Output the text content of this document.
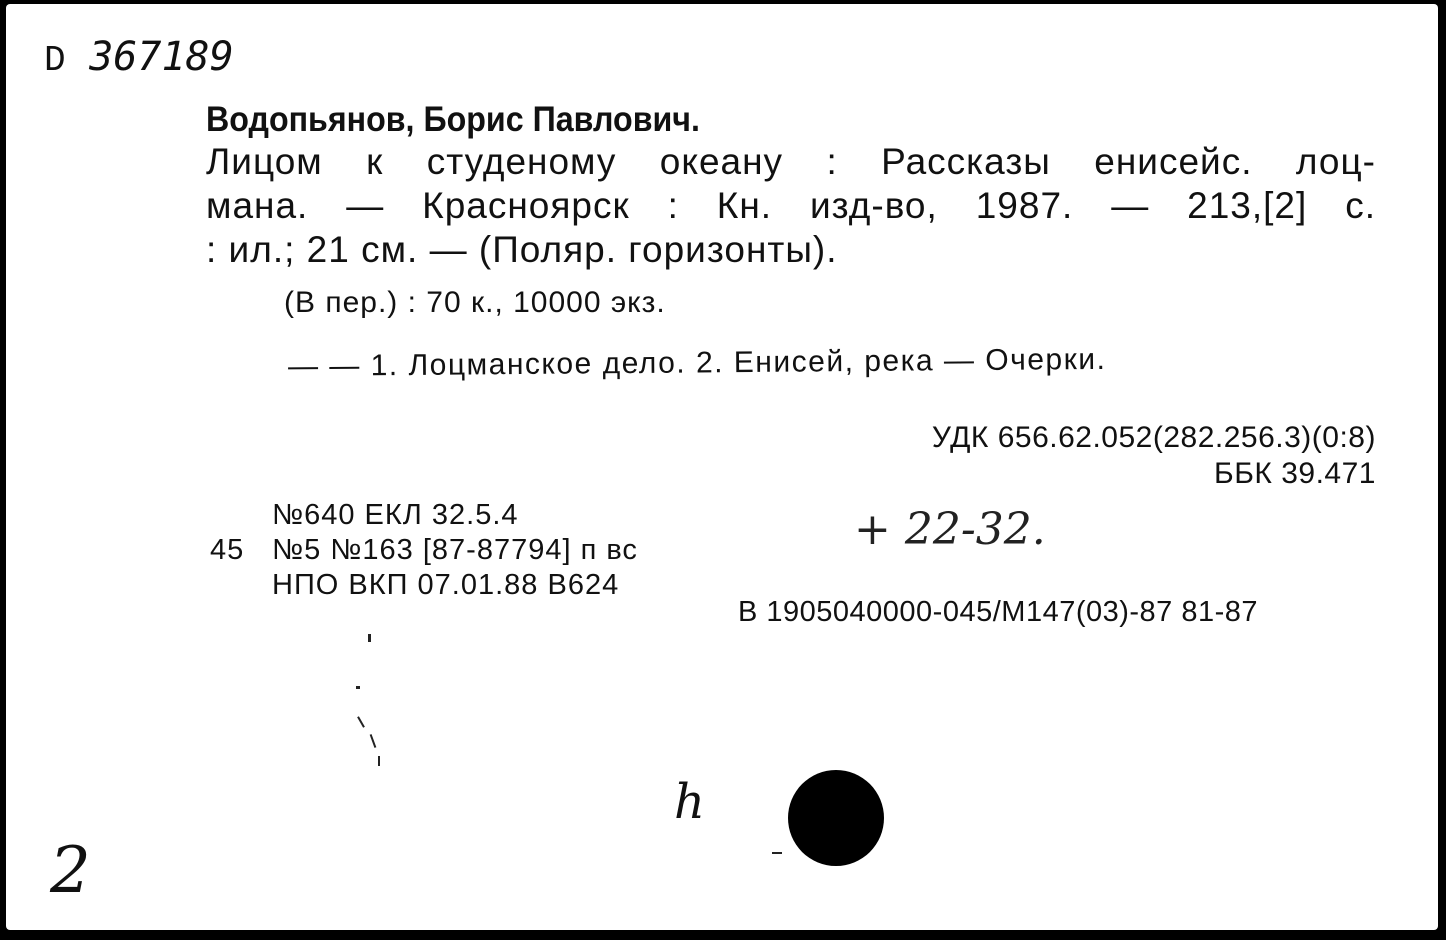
D 367189
Водопьянов, Борис Павлович.
Лицом к студеному океану : Рассказы енисейс. лоц-
мана. — Красноярск : Кн. изд-во, 1987. — 213,[2] с.
: ил.; 21 см. — (Поляр. горизонты).
(В пер.) : 70 к., 10000 экз.
— — 1. Лоцманское дело. 2. Енисей, река — Очерки.
УДК 656.62.052(282.256.3)(0:8)
ББК 39.471
№640 ЕКЛ 32.5.4
45 №5 №163 [87-87794] п вс
НПО ВКП 07.01.88 В624
+ 22-32.
В 1905040000-045/М147(03)-87 81-87
h
2
